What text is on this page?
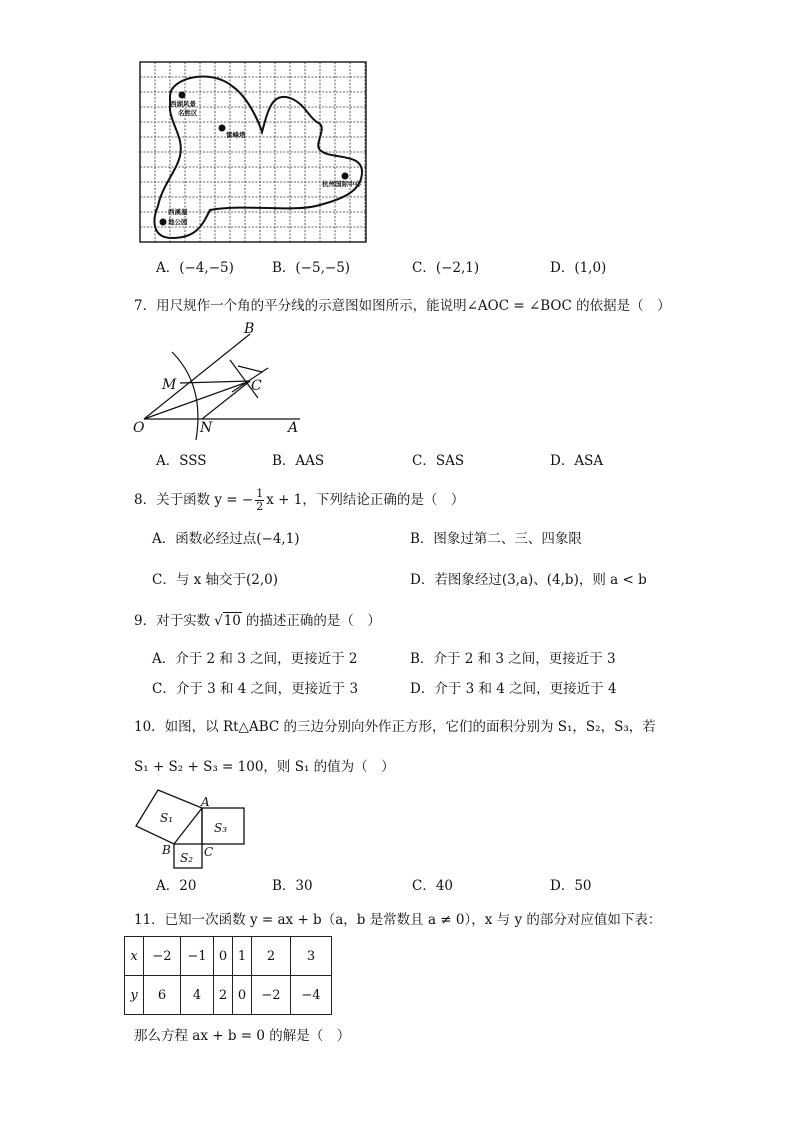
西湖风景
名胜区
雷峰塔
杭州国际中心
西溪湿
地公园
A．(−4,−5)	B．(−5,−5)	C．(−2,1)	D．(1,0)
7．用尺规作一个角的平分线的示意图如图所示，能说明∠AOC = ∠BOC 的依据是（　）
B
M	C
O	N	A
A．SSS	B．AAS	C．SAS	D．ASA
8．关于函数 y = − $\frac{1}{2}$ x + 1，下列结论正确的是（　）
A．函数必经过点(−4,1)	B．图象过第二、三、四象限
C．与 x 轴交于(2,0)	D．若图象经过(3,a)、(4,b)，则 a < b
9．对于实数 √10 的描述正确的是（　）
A．介于 2 和 3 之间，更接近于 2	B．介于 2 和 3 之间，更接近于 3
C．介于 3 和 4 之间，更接近于 3	D．介于 3 和 4 之间，更接近于 4
10．如图，以 Rt△ABC 的三边分别向外作正方形，它们的面积分别为 S₁，S₂，S₃，若
S₁ + S₂ + S₃ = 100，则 S₁ 的值为（　）
S₁
S₃
S₂
A
B	C
A．20	B．30	C．40	D．50
11．已知一次函数 y = ax + b（a，b 是常数且 a ≠ 0），x 与 y 的部分对应值如下表：
x	−2	−1	0	1	2	3
y	6	4	2	0	−2	−4
那么方程 ax + b = 0 的解是（　）
